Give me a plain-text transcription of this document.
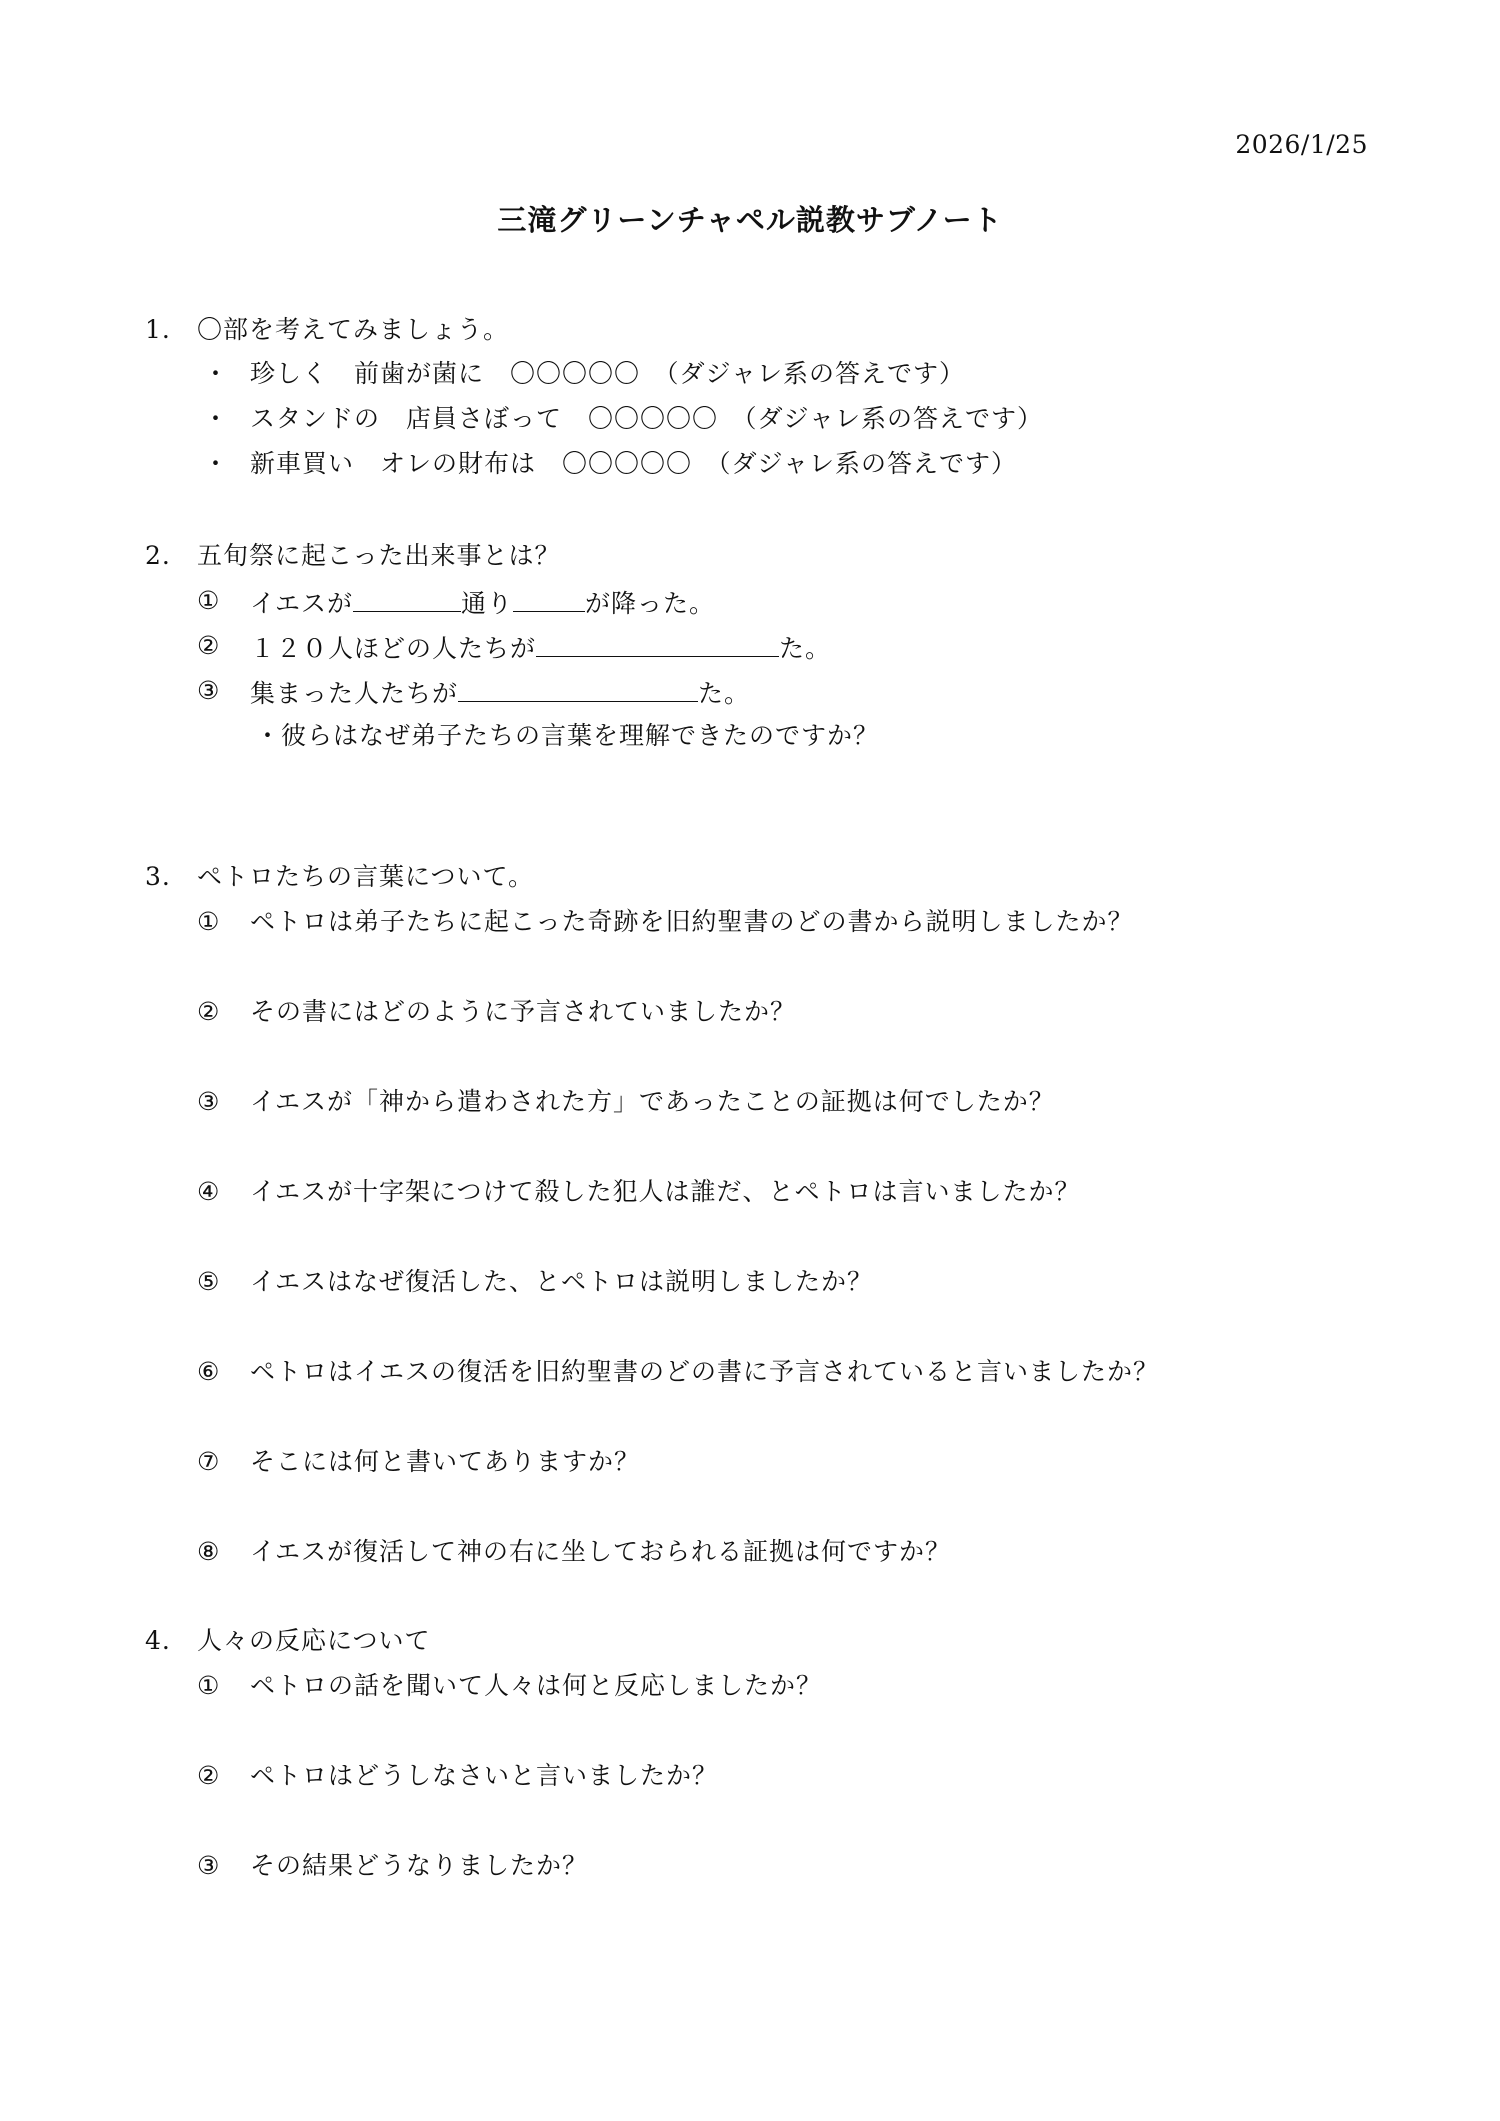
2026/1/25
三滝グリーンチャペル説教サブノート
1. 〇部を考えてみましょう。
・ 珍しく　前歯が菌に　〇〇〇〇〇　（ダジャレ系の答えです）
・ スタンドの　店員さぼって　〇〇〇〇〇　（ダジャレ系の答えです）
・ 新車買い　オレの財布は　〇〇〇〇〇　（ダジャレ系の答えです）
2. 五旬祭に起こった出来事とは？
① イエスが	通り	が降った。
② １２０人ほどの人たちが	た。
③ 集まった人たちが	た。
・彼らはなぜ弟子たちの言葉を理解できたのですか？
3. ペトロたちの言葉について。
① ペトロは弟子たちに起こった奇跡を旧約聖書のどの書から説明しましたか？
② その書にはどのように予言されていましたか？
③ イエスが「神から遣わされた方」であったことの証拠は何でしたか？
④ イエスが十字架につけて殺した犯人は誰だ、とペトロは言いましたか？
⑤ イエスはなぜ復活した、とペトロは説明しましたか？
⑥ ペトロはイエスの復活を旧約聖書のどの書に予言されていると言いましたか？
⑦ そこには何と書いてありますか？
⑧ イエスが復活して神の右に坐しておられる証拠は何ですか？
4. 人々の反応について
① ペトロの話を聞いて人々は何と反応しましたか？
② ペトロはどうしなさいと言いましたか？
③ その結果どうなりましたか？
